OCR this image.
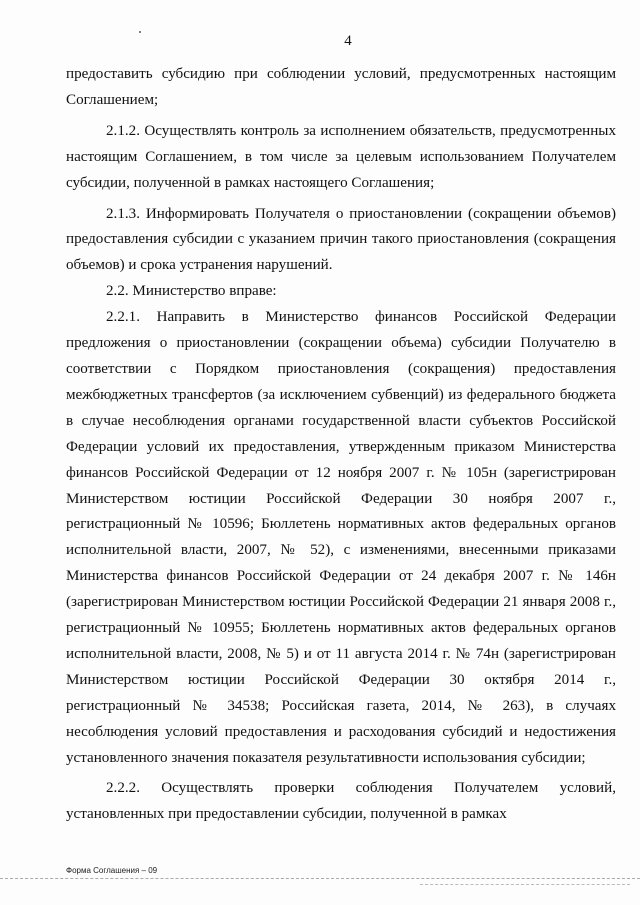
4

предоставить субсидию при соблюдении условий, предусмотренных настоящим Соглашением;

2.1.2. Осуществлять контроль за исполнением обязательств, предусмотренных настоящим Соглашением, в том числе за целевым использованием Получателем субсидии, полученной в рамках настоящего Соглашения;

2.1.3. Информировать Получателя о приостановлении (сокращении объемов) предоставления субсидии с указанием причин такого приостановления (сокращения объемов) и срока устранения нарушений.

2.2. Министерство вправе:

2.2.1. Направить в Министерство финансов Российской Федерации предложения о приостановлении (сокращении объема) субсидии Получателю в соответствии с Порядком приостановления (сокращения) предоставления межбюджетных трансфертов (за исключением субвенций) из федерального бюджета в случае несоблюдения органами государственной власти субъектов Российской Федерации условий их предоставления, утвержденным приказом Министерства финансов Российской Федерации от 12 ноября 2007 г. № 105н (зарегистрирован Министерством юстиции Российской Федерации 30 ноября 2007 г., регистрационный № 10596; Бюллетень нормативных актов федеральных органов исполнительной власти, 2007, № 52), с изменениями, внесенными приказами Министерства финансов Российской Федерации от 24 декабря 2007 г. № 146н (зарегистрирован Министерством юстиции Российской Федерации 21 января 2008 г., регистрационный № 10955; Бюллетень нормативных актов федеральных органов исполнительной власти, 2008, № 5) и от 11 августа 2014 г. № 74н (зарегистрирован Министерством юстиции Российской Федерации 30 октября 2014 г., регистрационный № 34538; Российская газета, 2014, № 263), в случаях несоблюдения условий предоставления и расходования субсидий и недостижения установленного значения показателя результативности использования субсидии;

2.2.2. Осуществлять проверки соблюдения Получателем условий, установленных при предоставлении субсидии, полученной в рамках

Форма Соглашения – 09
